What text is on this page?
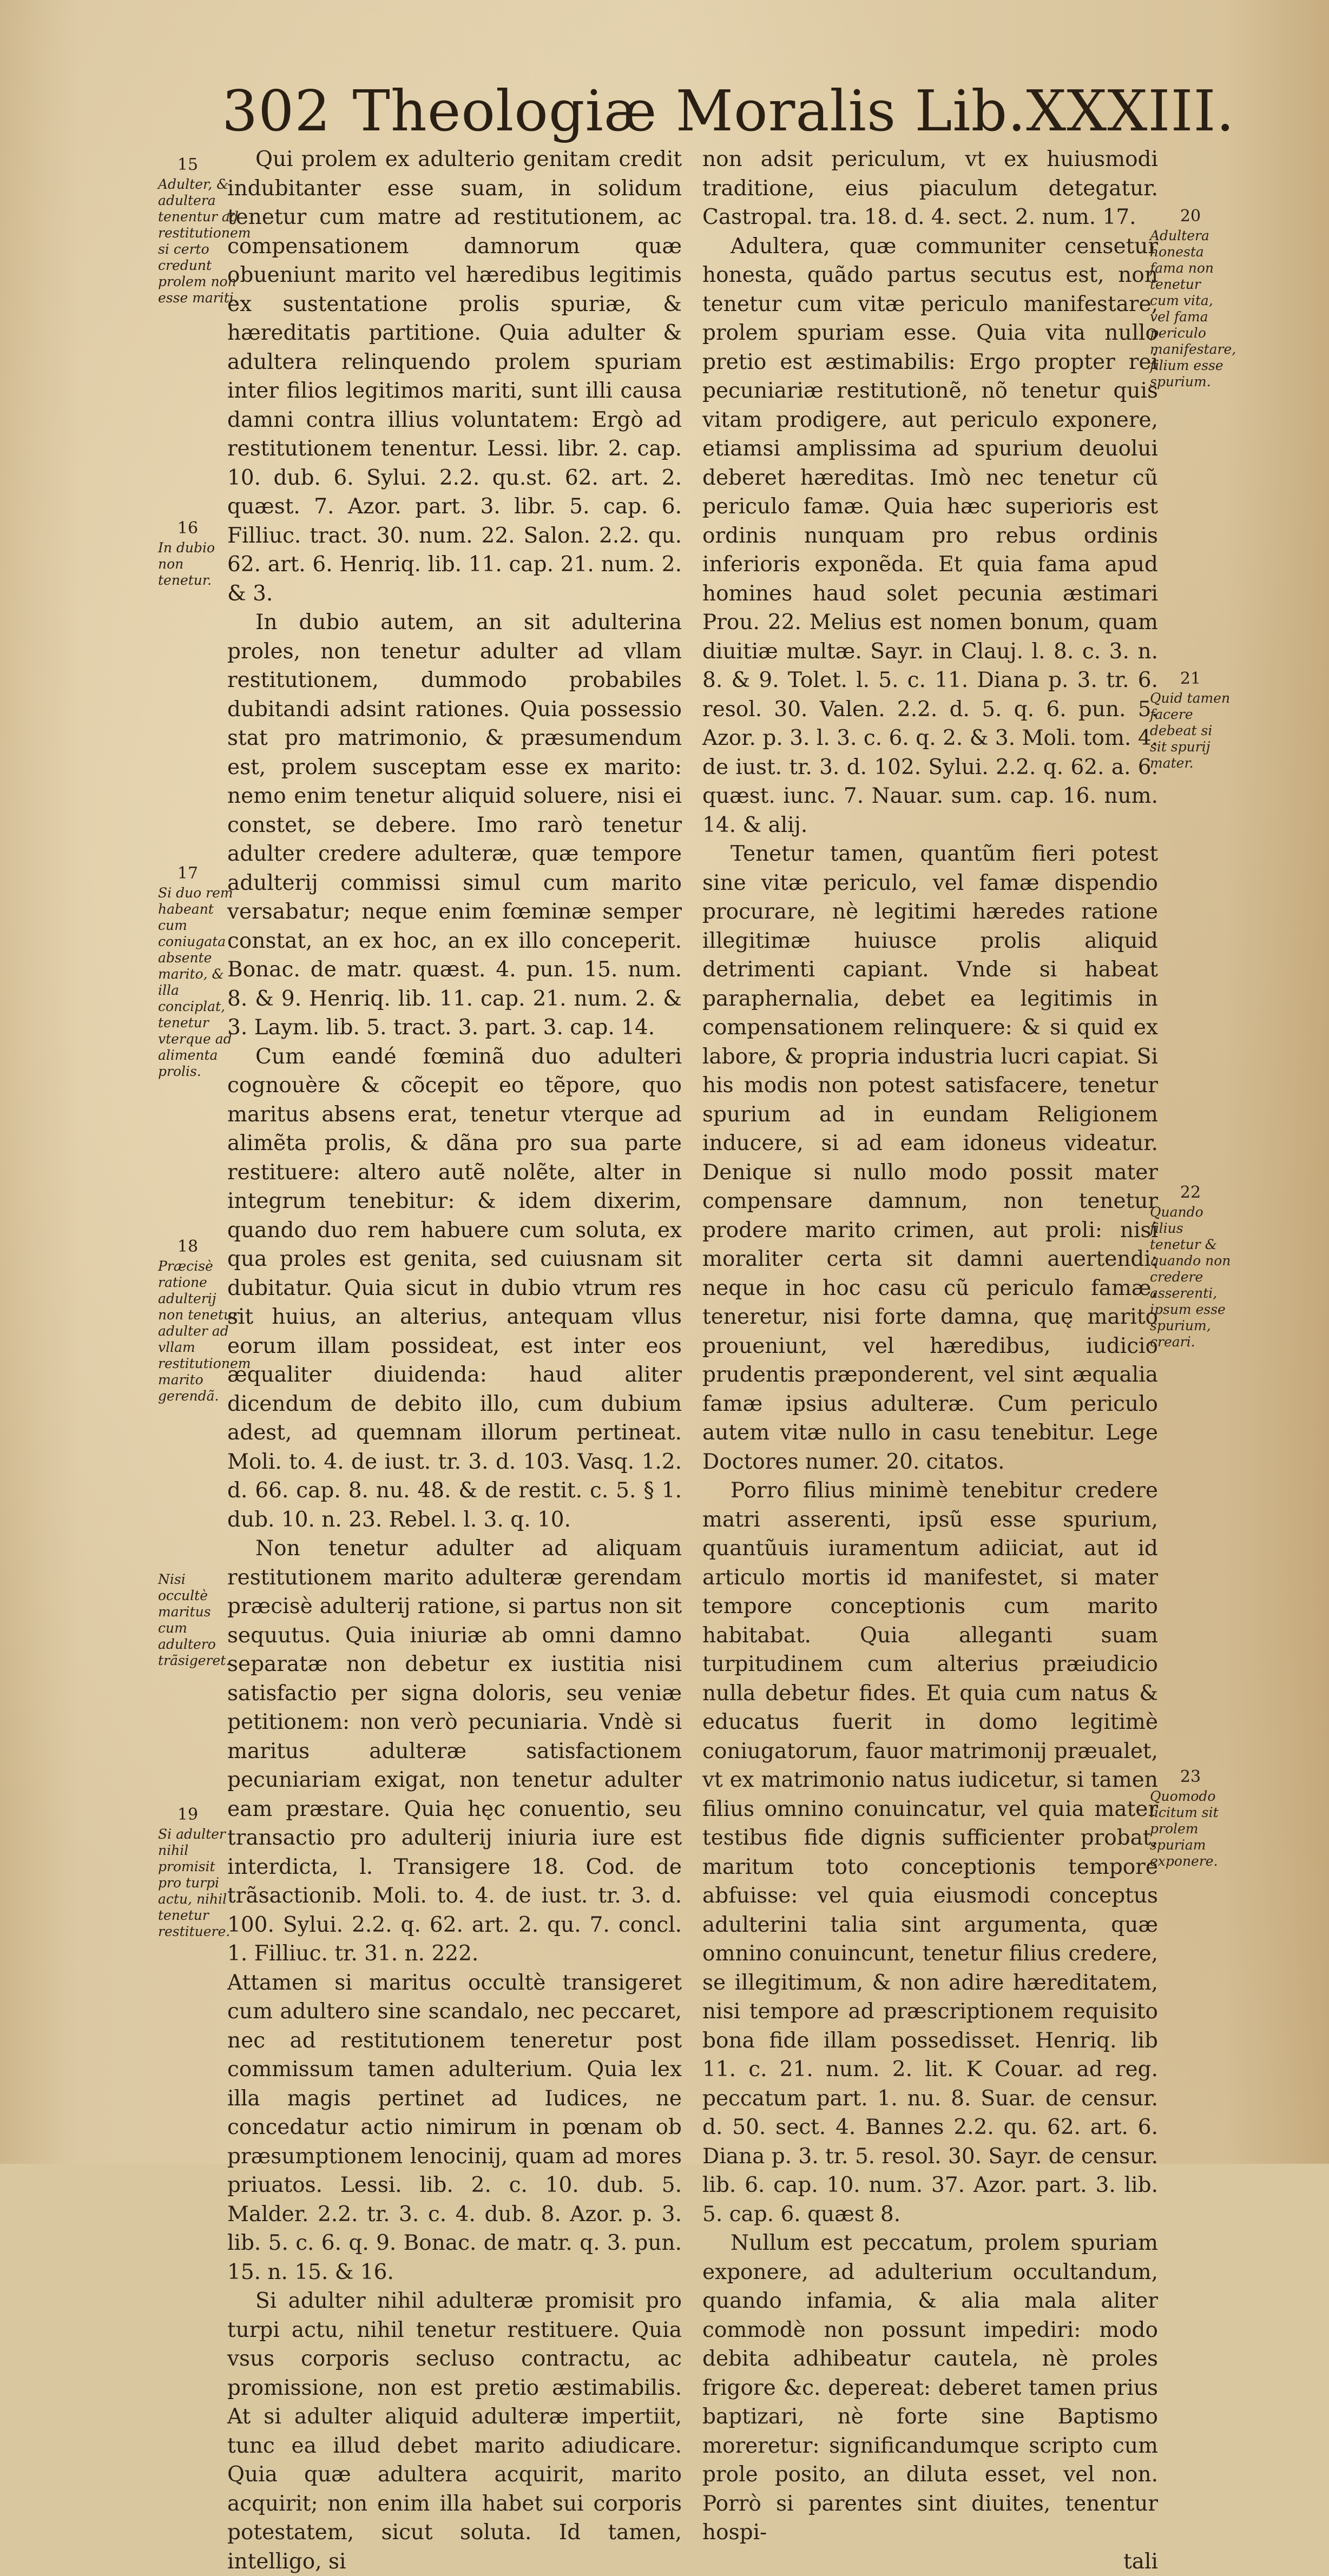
302 Theologiæ Moralis Lib.XXXIII.

Qui prolem ex adulterio genitam credit indubitanter esse suam, in solidum tenetur cum matre ad restitutionem, ac compensationem damnorum quæ obueniunt marito vel hæredibus legitimis ex sustentatione prolis spuriæ, & hæreditatis partitione. Quia adulter & adultera relinquendo prolem spuriam inter filios legitimos mariti, sunt illi causa damni contra illius voluntatem: Ergò ad restitutionem tenentur. Lessi. libr. 2. cap. 10. dub. 6. Sylui. 2.2. qu.st. 62. art. 2. quæst. 7. Azor. part. 3. libr. 5. cap. 6. Filliuc. tract. 30. num. 22. Salon. 2.2. qu. 62. art. 6. Henriq. lib. 11. cap. 21. num. 2. & 3.

In dubio autem, an sit adulterina proles, non tenetur adulter ad vllam restitutionem, dummodo probabiles dubitandi adsint rationes. Quia possessio stat pro matrimonio, & præsumendum est, prolem susceptam esse ex marito: nemo enim tenetur aliquid soluere, nisi ei constet, se debere. Imo rarò tenetur adulter credere adulteræ, quæ tempore adulterij commissi simul cum marito versabatur; neque enim fœminæ semper constat, an ex hoc, an ex illo conceperit. Bonac. de matr. quæst. 4. pun. 15. num. 8. & 9. Henriq. lib. 11. cap. 21. num. 2. & 3. Laym. lib. 5. tract. 3. part. 3. cap. 14.

Cum eandé fœminã duo adulteri cognouère & cõcepit eo tẽpore, quo maritus absens erat, tenetur vterque ad alimẽta prolis, & dãna pro sua parte restituere: altero autẽ nolẽte, alter in integrum tenebitur: & idem dixerim, quando duo rem habuere cum soluta, ex qua proles est genita, sed cuiusnam sit dubitatur. Quia sicut in dubio vtrum res sit huius, an alterius, antequam vllus eorum illam possideat, est inter eos æqualiter diuidenda: haud aliter dicendum de debito illo, cum dubium adest, ad quemnam illorum pertineat. Moli. to. 4. de iust. tr. 3. d. 103. Vasq. 1.2. d. 66. cap. 8. nu. 48. & de restit. c. 5. § 1. dub. 10. n. 23. Rebel. l. 3. q. 10.

Non tenetur adulter ad aliquam restitutionem marito adulteræ gerendam præcisè adulterij ratione, si partus non sit sequutus. Quia iniuriæ ab omni damno separatæ non debetur ex iustitia nisi satisfactio per signa doloris, seu veniæ petitionem: non verò pecuniaria. Vndè si maritus adulteræ satisfactionem pecuniariam exigat, non tenetur adulter eam præstare. Quia hęc conuentio, seu transactio pro adulterij iniuria iure est interdicta, l. Transigere 18. Cod. de trãsactionib. Moli. to. 4. de iust. tr. 3. d. 100. Sylui. 2.2. q. 62. art. 2. qu. 7. concl. 1. Filliuc. tr. 31. n. 222.

Attamen si maritus occultè transigeret cum adultero sine scandalo, nec peccaret, nec ad restitutionem teneretur post commissum tamen adulterium. Quia lex illa magis pertinet ad Iudices, ne concedatur actio nimirum in pœnam ob præsumptionem lenocinij, quam ad mores priuatos. Lessi. lib. 2. c. 10. dub. 5. Malder. 2.2. tr. 3. c. 4. dub. 8. Azor. p. 3. lib. 5. c. 6. q. 9. Bonac. de matr. q. 3. pun. 15. n. 15. & 16.

Si adulter nihil adulteræ promisit pro turpi actu, nihil tenetur restituere. Quia vsus corporis secluso contractu, ac promissione, non est pretio æstimabilis. At si adulter aliquid adulteræ impertiit, tunc ea illud debet marito adiudicare. Quia quæ adultera acquirit, marito acquirit; non enim illa habet sui corporis potestatem, sicut soluta. Id tamen, intelligo, si

non adsit periculum, vt ex huiusmodi traditione, eius piaculum detegatur. Castropal. tra. 18. d. 4. sect. 2. num. 17.

Adultera, quæ communiter censetur honesta, quãdo partus secutus est, non tenetur cum vitæ periculo manifestare, prolem spuriam esse. Quia vita nullo pretio est æstimabilis: Ergo propter rei pecuniariæ restitutionẽ, nõ tenetur quis vitam prodigere, aut periculo exponere, etiamsi amplissima ad spurium deuolui deberet hæreditas. Imò nec tenetur cũ periculo famæ. Quia hæc superioris est ordinis nunquam pro rebus ordinis inferioris exponẽda. Et quia fama apud homines haud solet pecunia æstimari Prou. 22. Melius est nomen bonum, quam diuitiæ multæ. Sayr. in Clauj. l. 8. c. 3. n. 8. & 9. Tolet. l. 5. c. 11. Diana p. 3. tr. 6. resol. 30. Valen. 2.2. d. 5. q. 6. pun. 5. Azor. p. 3. l. 3. c. 6. q. 2. & 3. Moli. tom. 4. de iust. tr. 3. d. 102. Sylui. 2.2. q. 62. a. 6. quæst. iunc. 7. Nauar. sum. cap. 16. num. 14. & alij.

Tenetur tamen, quantũm fieri potest sine vitæ periculo, vel famæ dispendio procurare, nè legitimi hæredes ratione illegitimæ huiusce prolis aliquid detrimenti capiant. Vnde si habeat paraphernalia, debet ea legitimis in compensationem relinquere: & si quid ex labore, & propria industria lucri capiat. Si his modis non potest satisfacere, tenetur spurium ad in eundam Religionem inducere, si ad eam idoneus videatur. Denique si nullo modo possit mater compensare damnum, non tenetur prodere marito crimen, aut proli: nisi moraliter certa sit damni auertendi: neque in hoc casu cũ periculo famæ, teneretur, nisi forte damna, quę marito proueniunt, vel hæredibus, iudicio prudentis præponderent, vel sint æqualia famæ ipsius adulteræ. Cum periculo autem vitæ nullo in casu tenebitur. Lege Doctores numer. 20. citatos.

Porro filius minimè tenebitur credere matri asserenti, ipsũ esse spurium, quantũuis iuramentum adiiciat, aut id articulo mortis id manifestet, si mater tempore conceptionis cum marito habitabat. Quia alleganti suam turpitudinem cum alterius præiudicio nulla debetur fides. Et quia cum natus & educatus fuerit in domo legitimè coniugatorum, fauor matrimonij præualet, vt ex matrimonio natus iudicetur, si tamen filius omnino conuincatur, vel quia mater testibus fide dignis sufficienter probat, maritum toto conceptionis tempore abfuisse: vel quia eiusmodi conceptus adulterini talia sint argumenta, quæ omnino conuincunt, tenetur filius credere, se illegitimum, & non adire hæreditatem, nisi tempore ad præscriptionem requisito bona fide illam possedisset. Henriq. lib 11. c. 21. num. 2. lit. K Couar. ad reg. peccatum part. 1. nu. 8. Suar. de censur. d. 50. sect. 4. Bannes 2.2. qu. 62. art. 6. Diana p. 3. tr. 5. resol. 30. Sayr. de censur. lib. 6. cap. 10. num. 37. Azor. part. 3. lib. 5. cap. 6. quæst 8.

Nullum est peccatum, prolem spuriam exponere, ad adulterium occultandum, quando infamia, & alia mala aliter commodè non possunt impediri: modo debita adhibeatur cautela, nè proles frigore &c. depereat: deberet tamen prius baptizari, nè forte sine Baptismo moreretur: significandumque scripto cum prole posito, an diluta esset, vel non. Porrò si parentes sint diuites, tenentur hospi-

tali

15
Adulter, & adultera tenentur ad restitutionem si certo credunt prolem non esse mariti.
16
In dubio non tenetur.
17
Si duo rem habeant cum coniugata absente marito, & illa conciplat, tenetur vterque ad alimenta prolis.
18
Præcisè ratione adulterij non tenetur adulter ad vllam restitutionem marito gerendã.
Nisi occultè maritus cum adultero trãsigeret.
19
Si adulter nihil promisit pro turpi actu, nihil tenetur restituere.
20
Adultera honesta fama non tenetur cum vita, vel fama periculo manifestare, filium esse spurium.
21
Quid tamen facere debeat si sit spurij mater.
22
Quando filius tenetur & quando non credere asserenti, ipsum esse spurium, creari.
23
Quomodo licitum sit prolem spuriam exponere.
